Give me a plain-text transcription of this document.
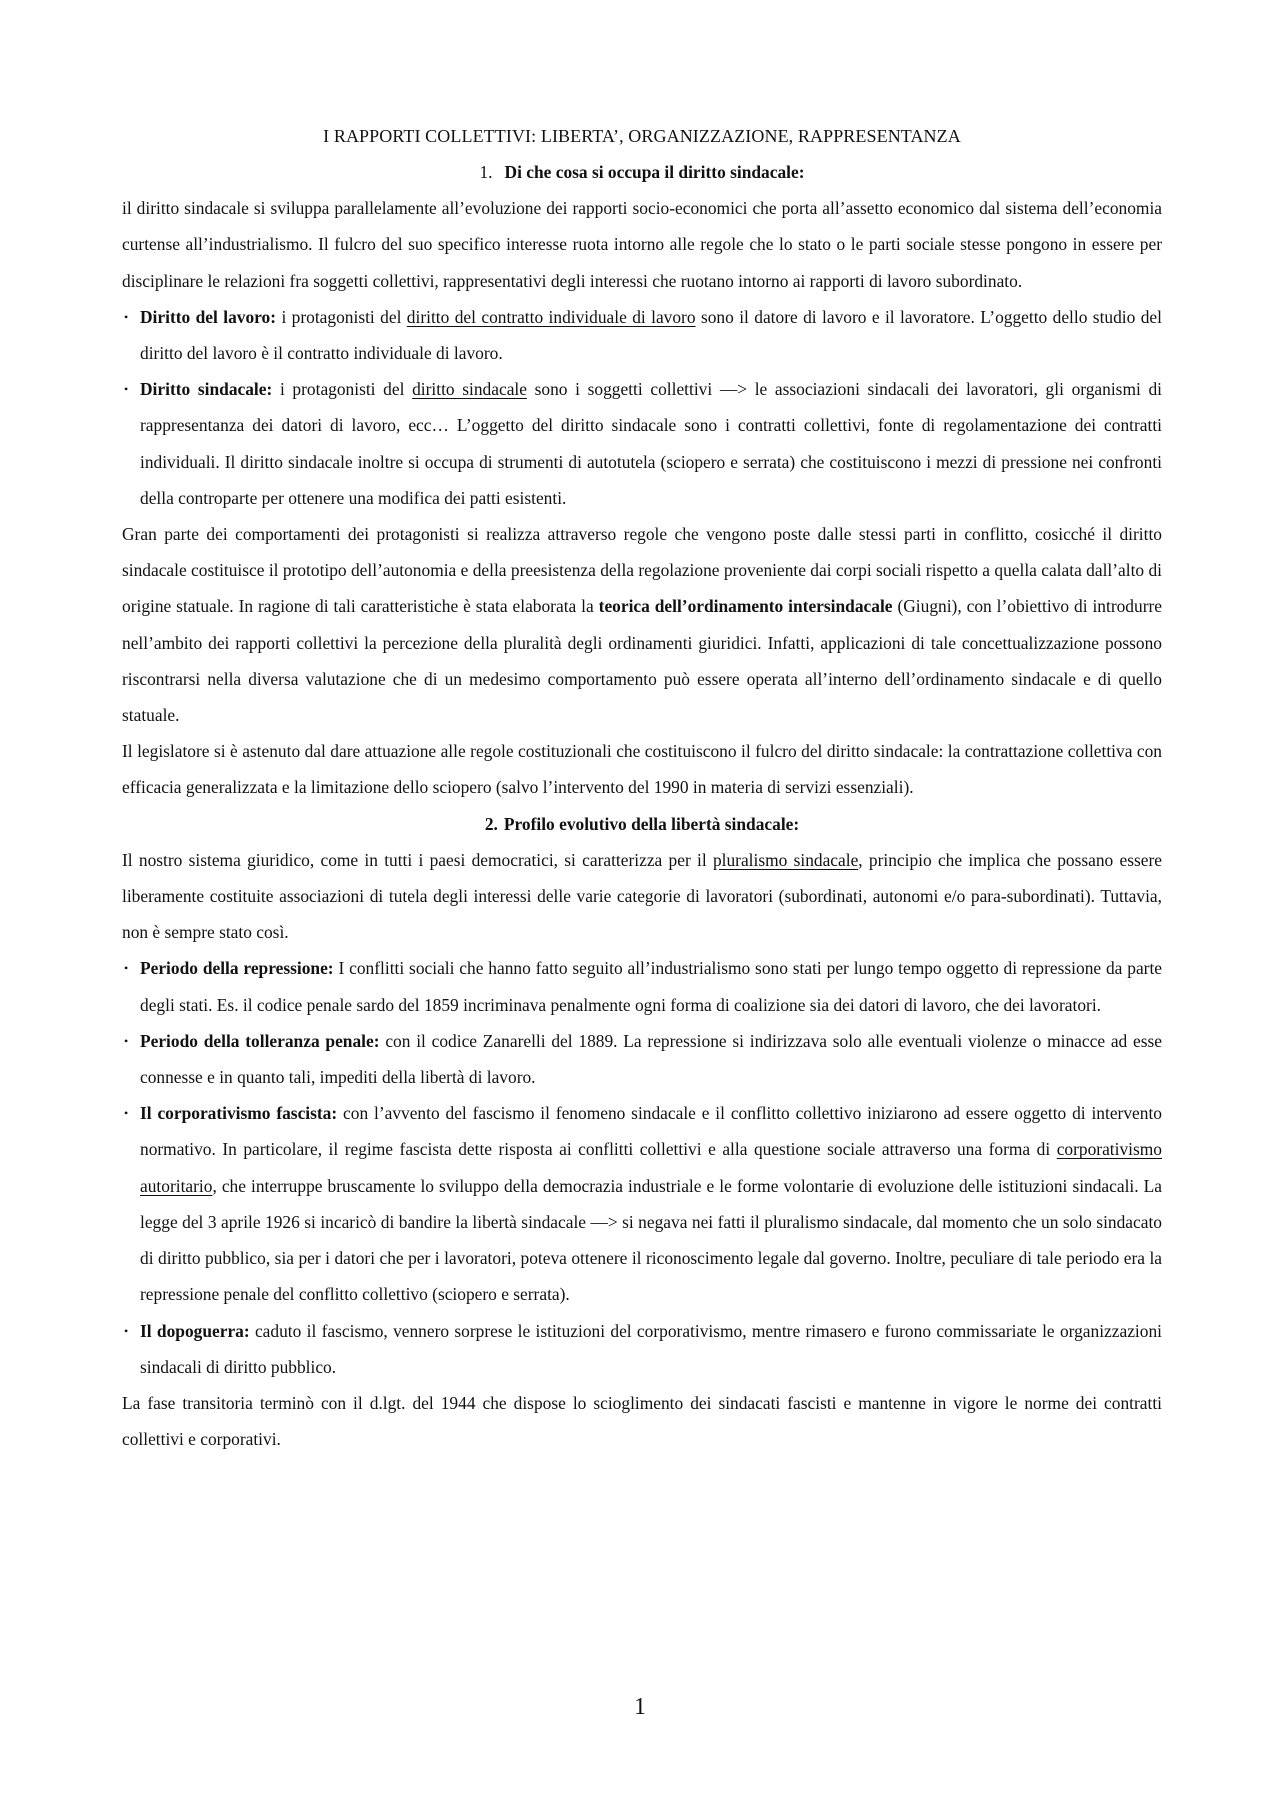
I RAPPORTI COLLETTIVI: LIBERTA’, ORGANIZZAZIONE, RAPPRESENTANZA
1. Di che cosa si occupa il diritto sindacale:

il diritto sindacale si sviluppa parallelamente all’evoluzione dei rapporti socio-economici che porta all’assetto economico dal sistema dell’economia curtense all’industrialismo. Il fulcro del suo specifico interesse ruota intorno alle regole che lo stato o le parti sociale stesse pongono in essere per disciplinare le relazioni fra soggetti collettivi, rappresentativi degli interessi che ruotano intorno ai rapporti di lavoro subordinato.

• Diritto del lavoro: i protagonisti del diritto del contratto individuale di lavoro sono il datore di lavoro e il lavoratore. L’oggetto dello studio del diritto del lavoro è il contratto individuale di lavoro.
• Diritto sindacale: i protagonisti del diritto sindacale sono i soggetti collettivi —> le associazioni sindacali dei lavoratori, gli organismi di rappresentanza dei datori di lavoro, ecc… L’oggetto del diritto sindacale sono i contratti collettivi, fonte di regolamentazione dei contratti individuali. Il diritto sindacale inoltre si occupa di strumenti di autotutela (sciopero e serrata) che costituiscono i mezzi di pressione nei confronti della controparte per ottenere una modifica dei patti esistenti.

Gran parte dei comportamenti dei protagonisti si realizza attraverso regole che vengono poste dalle stessi parti in conflitto, cosicché il diritto sindacale costituisce il prototipo dell’autonomia e della preesistenza della regolazione proveniente dai corpi sociali rispetto a quella calata dall’alto di origine statuale. In ragione di tali caratteristiche è stata elaborata la teorica dell’ordinamento intersindacale (Giugni), con l’obiettivo di introdurre nell’ambito dei rapporti collettivi la percezione della pluralità degli ordinamenti giuridici. Infatti, applicazioni di tale concettualizzazione possono riscontrarsi nella diversa valutazione che di un medesimo comportamento può essere operata all’interno dell’ordinamento sindacale e di quello statuale.

Il legislatore si è astenuto dal dare attuazione alle regole costituzionali che costituiscono il fulcro del diritto sindacale: la contrattazione collettiva con efficacia generalizzata e la limitazione dello sciopero (salvo l’intervento del 1990 in materia di servizi essenziali).

2. Profilo evolutivo della libertà sindacale:

Il nostro sistema giuridico, come in tutti i paesi democratici, si caratterizza per il pluralismo sindacale, principio che implica che possano essere liberamente costituite associazioni di tutela degli interessi delle varie categorie di lavoratori (subordinati, autonomi e/o para-subordinati). Tuttavia, non è sempre stato così.

• Periodo della repressione: I conflitti sociali che hanno fatto seguito all’industrialismo sono stati per lungo tempo oggetto di repressione da parte degli stati. Es. il codice penale sardo del 1859 incriminava penalmente ogni forma di coalizione sia dei datori di lavoro, che dei lavoratori.
• Periodo della tolleranza penale: con il codice Zanarelli del 1889. La repressione si indirizzava solo alle eventuali violenze o minacce ad esse connesse e in quanto tali, impediti della libertà di lavoro.
• Il corporativismo fascista: con l’avvento del fascismo il fenomeno sindacale e il conflitto collettivo iniziarono ad essere oggetto di intervento normativo. In particolare, il regime fascista dette risposta ai conflitti collettivi e alla questione sociale attraverso una forma di corporativismo autoritario, che interruppe bruscamente lo sviluppo della democrazia industriale e le forme volontarie di evoluzione delle istituzioni sindacali. La legge del 3 aprile 1926 si incaricò di bandire la libertà sindacale —> si negava nei fatti il pluralismo sindacale, dal momento che un solo sindacato di diritto pubblico, sia per i datori che per i lavoratori, poteva ottenere il riconoscimento legale dal governo. Inoltre, peculiare di tale periodo era la repressione penale del conflitto collettivo (sciopero e serrata).
• Il dopoguerra: caduto il fascismo, vennero sorprese le istituzioni del corporativismo, mentre rimasero e furono commissariate le organizzazioni sindacali di diritto pubblico.

La fase transitoria terminò con il d.lgt. del 1944 che dispose lo scioglimento dei sindacati fascisti e mantenne in vigore le norme dei contratti collettivi e corporativi.

1
